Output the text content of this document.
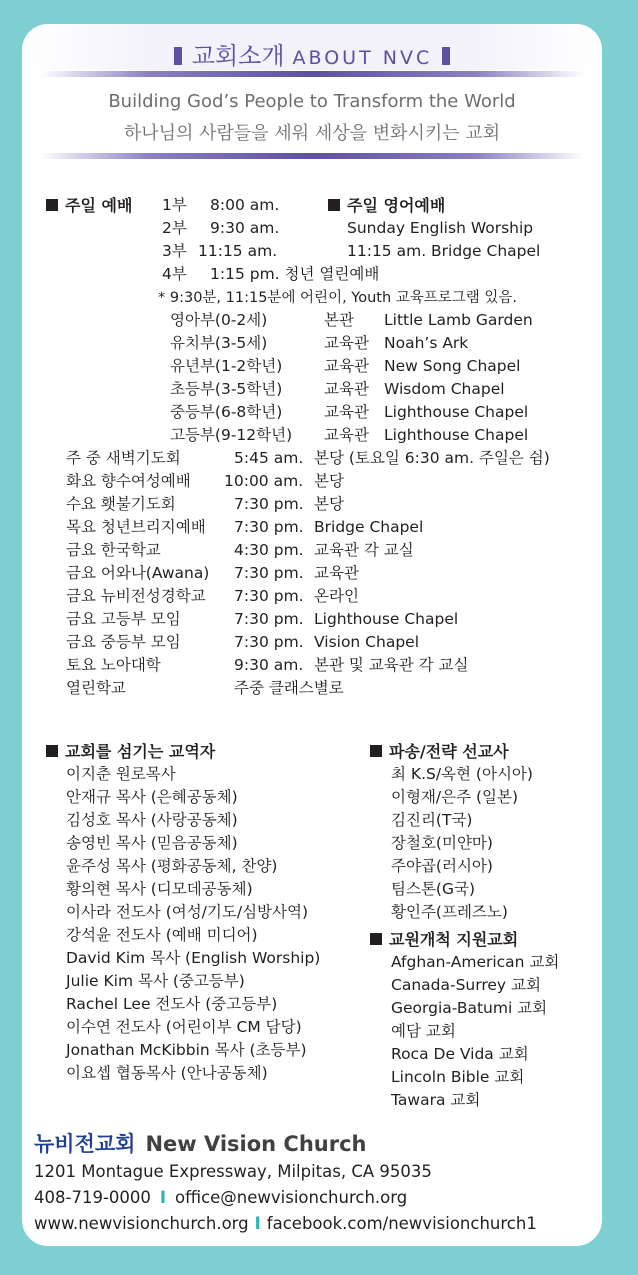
교회소개 ABOUT NVC
Building God’s People to Transform the World
하나님의 사람들을 세워 세상을 변화시키는 교회
주일 예배 1부 8:00 am.
2부 9:30 am.
3부 11:15 am.
4부 1:15 pm. 청년 열린예배
주일 영어예배
Sunday English Worship
11:15 am. Bridge Chapel
* 9:30분, 11:15분에 어린이, Youth 교육프로그램 있음.
영아부(0-2세)	본관 Little Lamb Garden
유치부(3-5세)	교육관 Noah’s Ark
유년부(1-2학년)	교육관 New Song Chapel
초등부(3-5학년)	교육관 Wisdom Chapel
중등부(6-8학년)	교육관 Lighthouse Chapel
고등부(9-12학년) 교육관 Lighthouse Chapel
주 중 새벽기도회	5:45 am. 본당 (토요일 6:30 am. 주일은 쉼)
화요 향수여성예배 10:00 am. 본당
수요 횃불기도회	7:30 pm. 본당
목요 청년브리지예배 7:30 pm. Bridge Chapel
금요 한국학교	4:30 pm. 교육관 각 교실
금요 어와나(Awana) 7:30 pm. 교육관
금요 뉴비전성경학교 7:30 pm. 온라인
금요 고등부 모임	7:30 pm. Lighthouse Chapel
금요 중등부 모임	7:30 pm. Vision Chapel
토요 노아대학	9:30 am. 본관 및 교육관 각 교실
열린학교	주중 클래스별로
교회를 섬기는 교역자
이지춘 원로목사
안재규 목사 (은혜공동체)
김성호 목사 (사랑공동체)
송영빈 목사 (믿음공동체)
윤주성 목사 (평화공동체, 찬양)
황의현 목사 (디모데공동체)
이사라 전도사 (여성/기도/심방사역)
강석윤 전도사 (예배 미디어)
David Kim 목사 (English Worship)
Julie Kim 목사 (중고등부)
Rachel Lee 전도사 (중고등부)
이수연 전도사 (어린이부 CM 담당)
Jonathan McKibbin 목사 (초등부)
이요셉 협동목사 (안나공동체)
파송/전략 선교사
최 K.S/옥현 (아시아)
이형재/은주 (일본)
김진리(T국)
장철호(미얀마)
주야곱(러시아)
팀스톤(G국)
황인주(프레즈노)
교원개척 지원교회
Afghan-American 교회
Canada-Surrey 교회
Georgia-Batumi 교회
예담 교회
Roca De Vida 교회
Lincoln Bible 교회
Tawara 교회
뉴비전교회 New Vision Church
1201 Montague Expressway, Milpitas, CA 95035
408-719-0000 I office@newvisionchurch.org
www.newvisionchurch.org I facebook.com/newvisionchurch1
